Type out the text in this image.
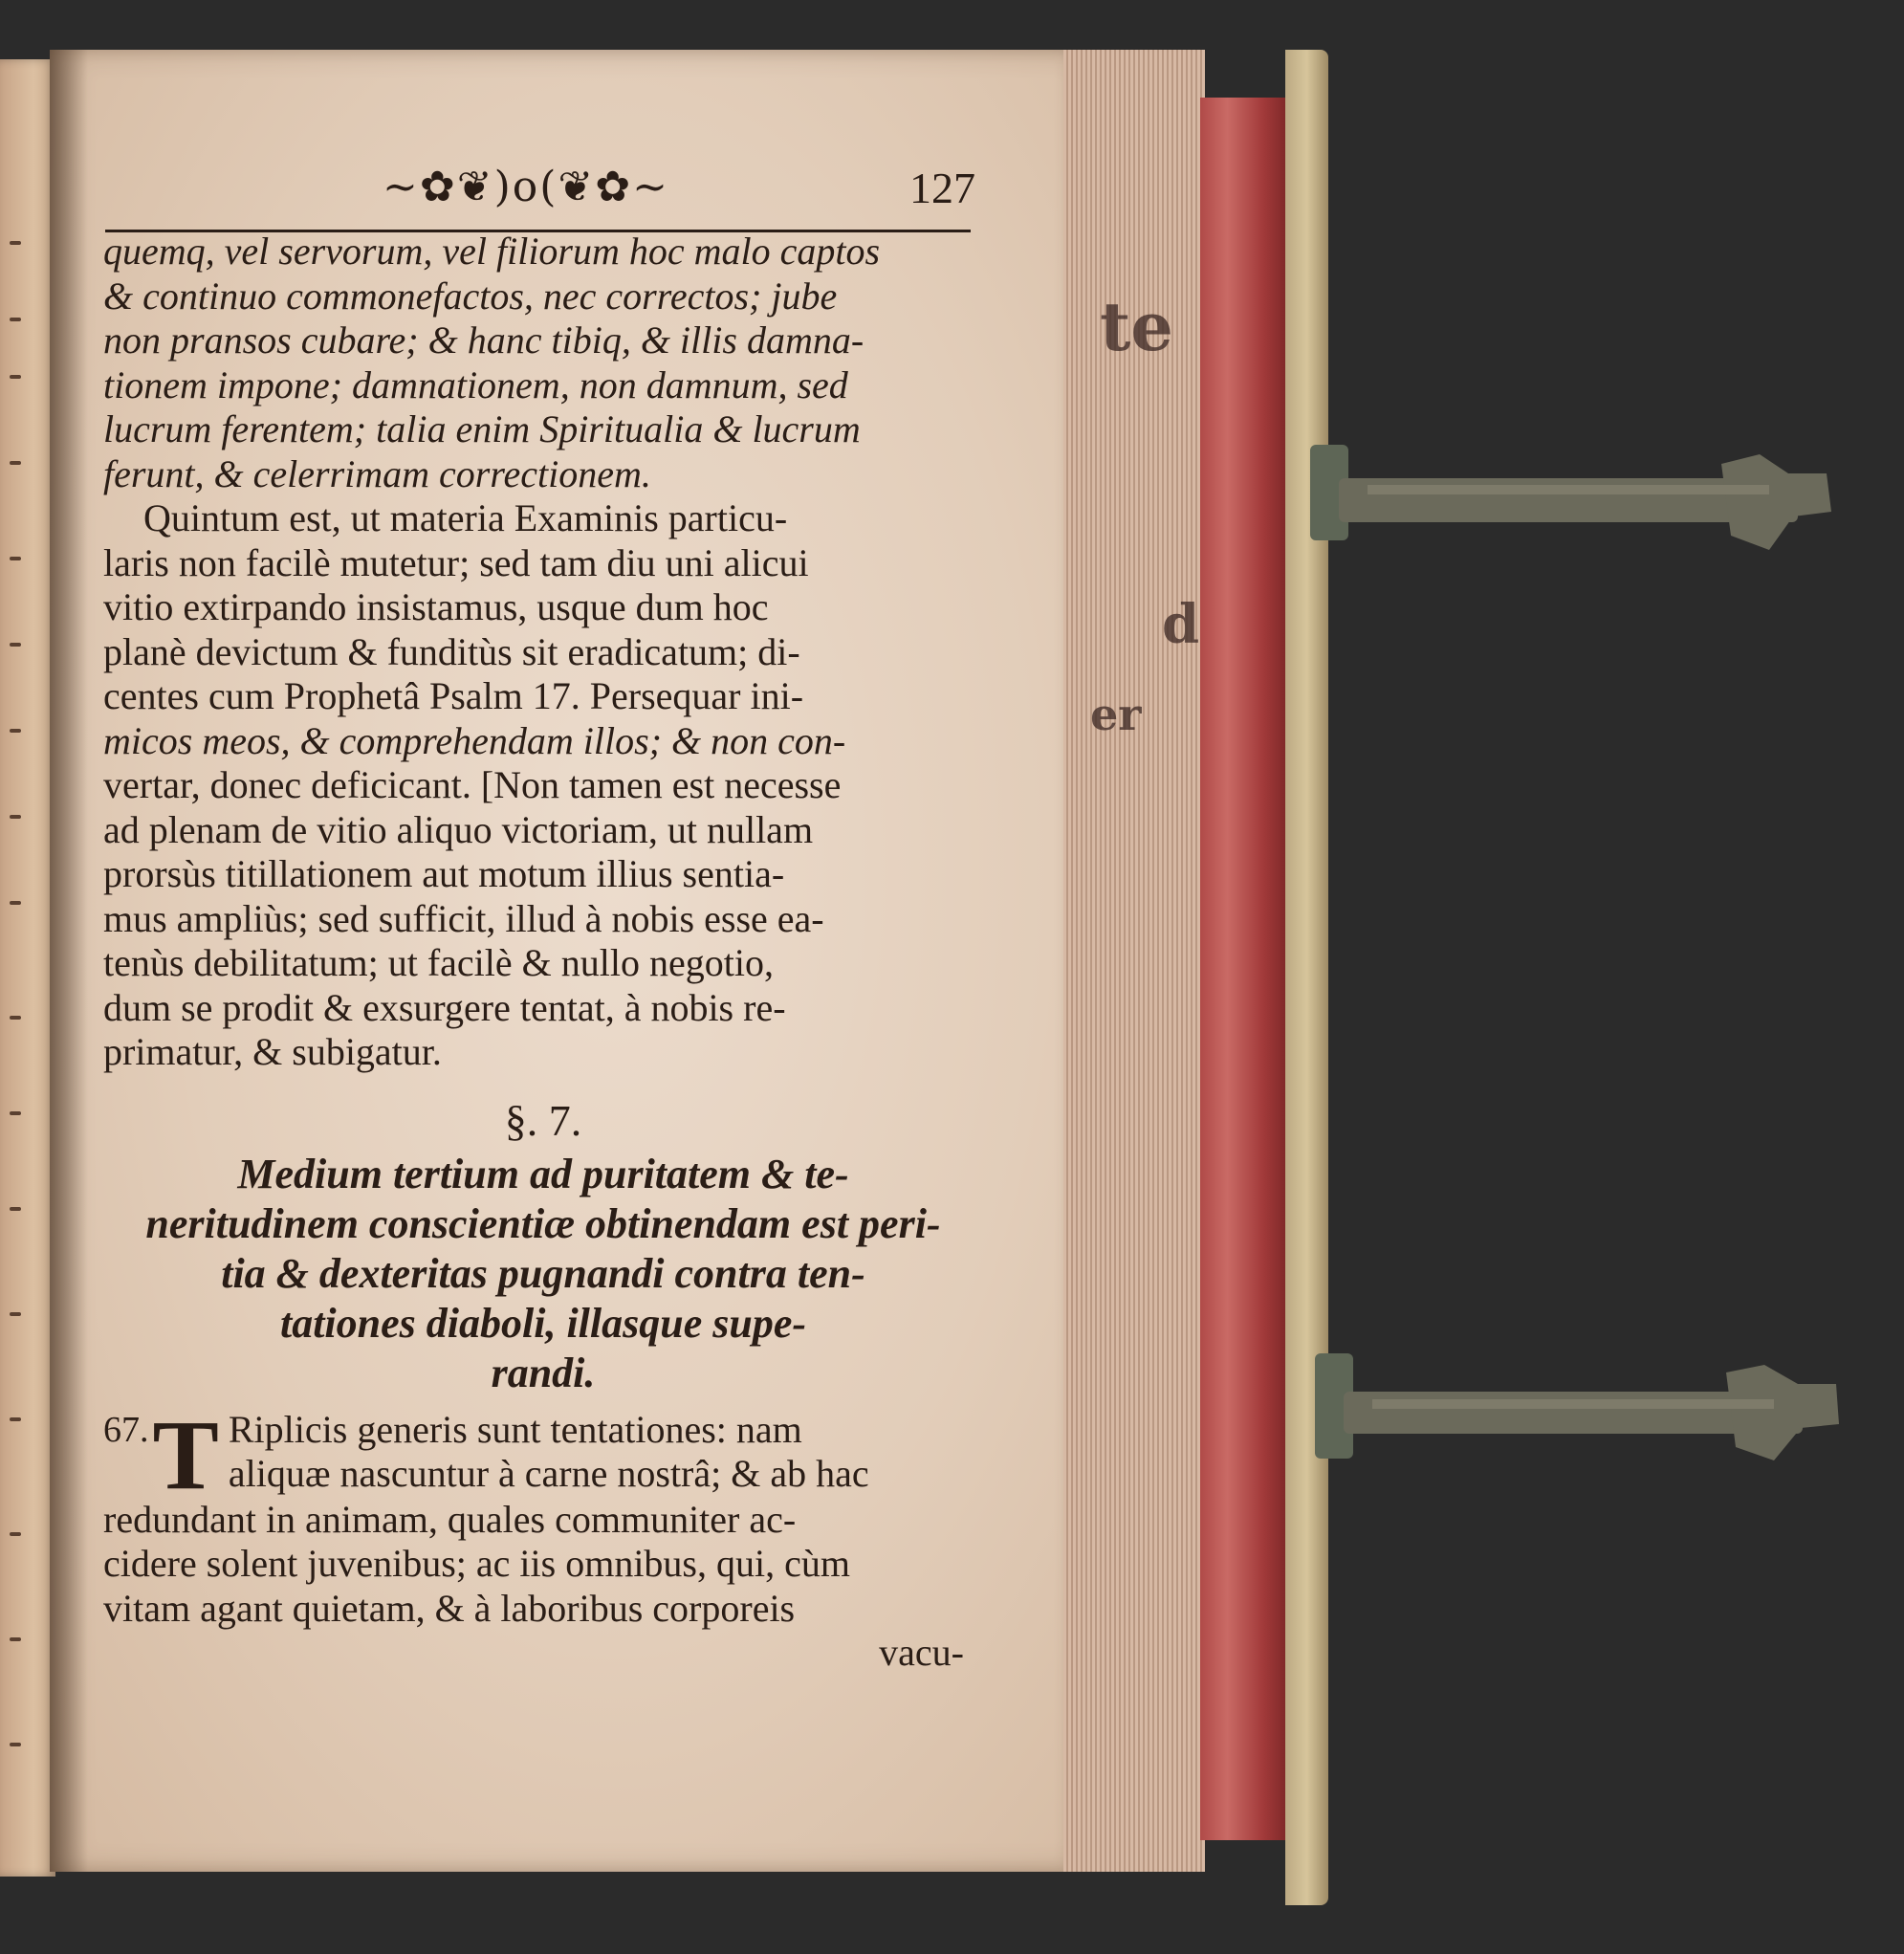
te
d
er
~✿❦)o(❦✿~	127
quemq, vel servorum, vel filiorum hoc malo captos
& continuo commonefactos, nec correctos; jube
non pransos cubare; & hanc tibiq, & illis damna-
tionem impone; damnationem, non damnum, sed
lucrum ferentem; talia enim Spiritualia & lucrum
ferunt, & celerrimam correctionem.
Quintum est, ut materia Examinis particu-
laris non facilè mutetur; sed tam diu uni alicui
vitio extirpando insistamus, usque dum hoc
planè devictum & funditùs sit eradicatum; di-
centes cum Prophetâ Psalm 17. Persequar ini-
micos meos, & comprehendam illos; & non con-
vertar, donec deficicant. [Non tamen est necesse
ad plenam de vitio aliquo victoriam, ut nullam
prorsùs titillationem aut motum illius sentia-
mus ampliùs; sed sufficit, illud à nobis esse ea-
tenùs debilitatum; ut facilè & nullo negotio,
dum se prodit & exsurgere tentat, à nobis re-
primatur, & subigatur.
§. 7.
Medium tertium ad puritatem & te-
neritudinem conscientiæ obtinendam est peri-
tia & dexteritas pugnandi contra ten-
tationes diaboli, illasque supe-
randi.
67. T Riplicis generis sunt tentationes: nam
aliquæ nascuntur à carne nostrâ; & ab hac
redundant in animam, quales communiter ac-
cidere solent juvenibus; ac iis omnibus, qui, cùm
vitam agant quietam, & à laboribus corporeis
vacu-
